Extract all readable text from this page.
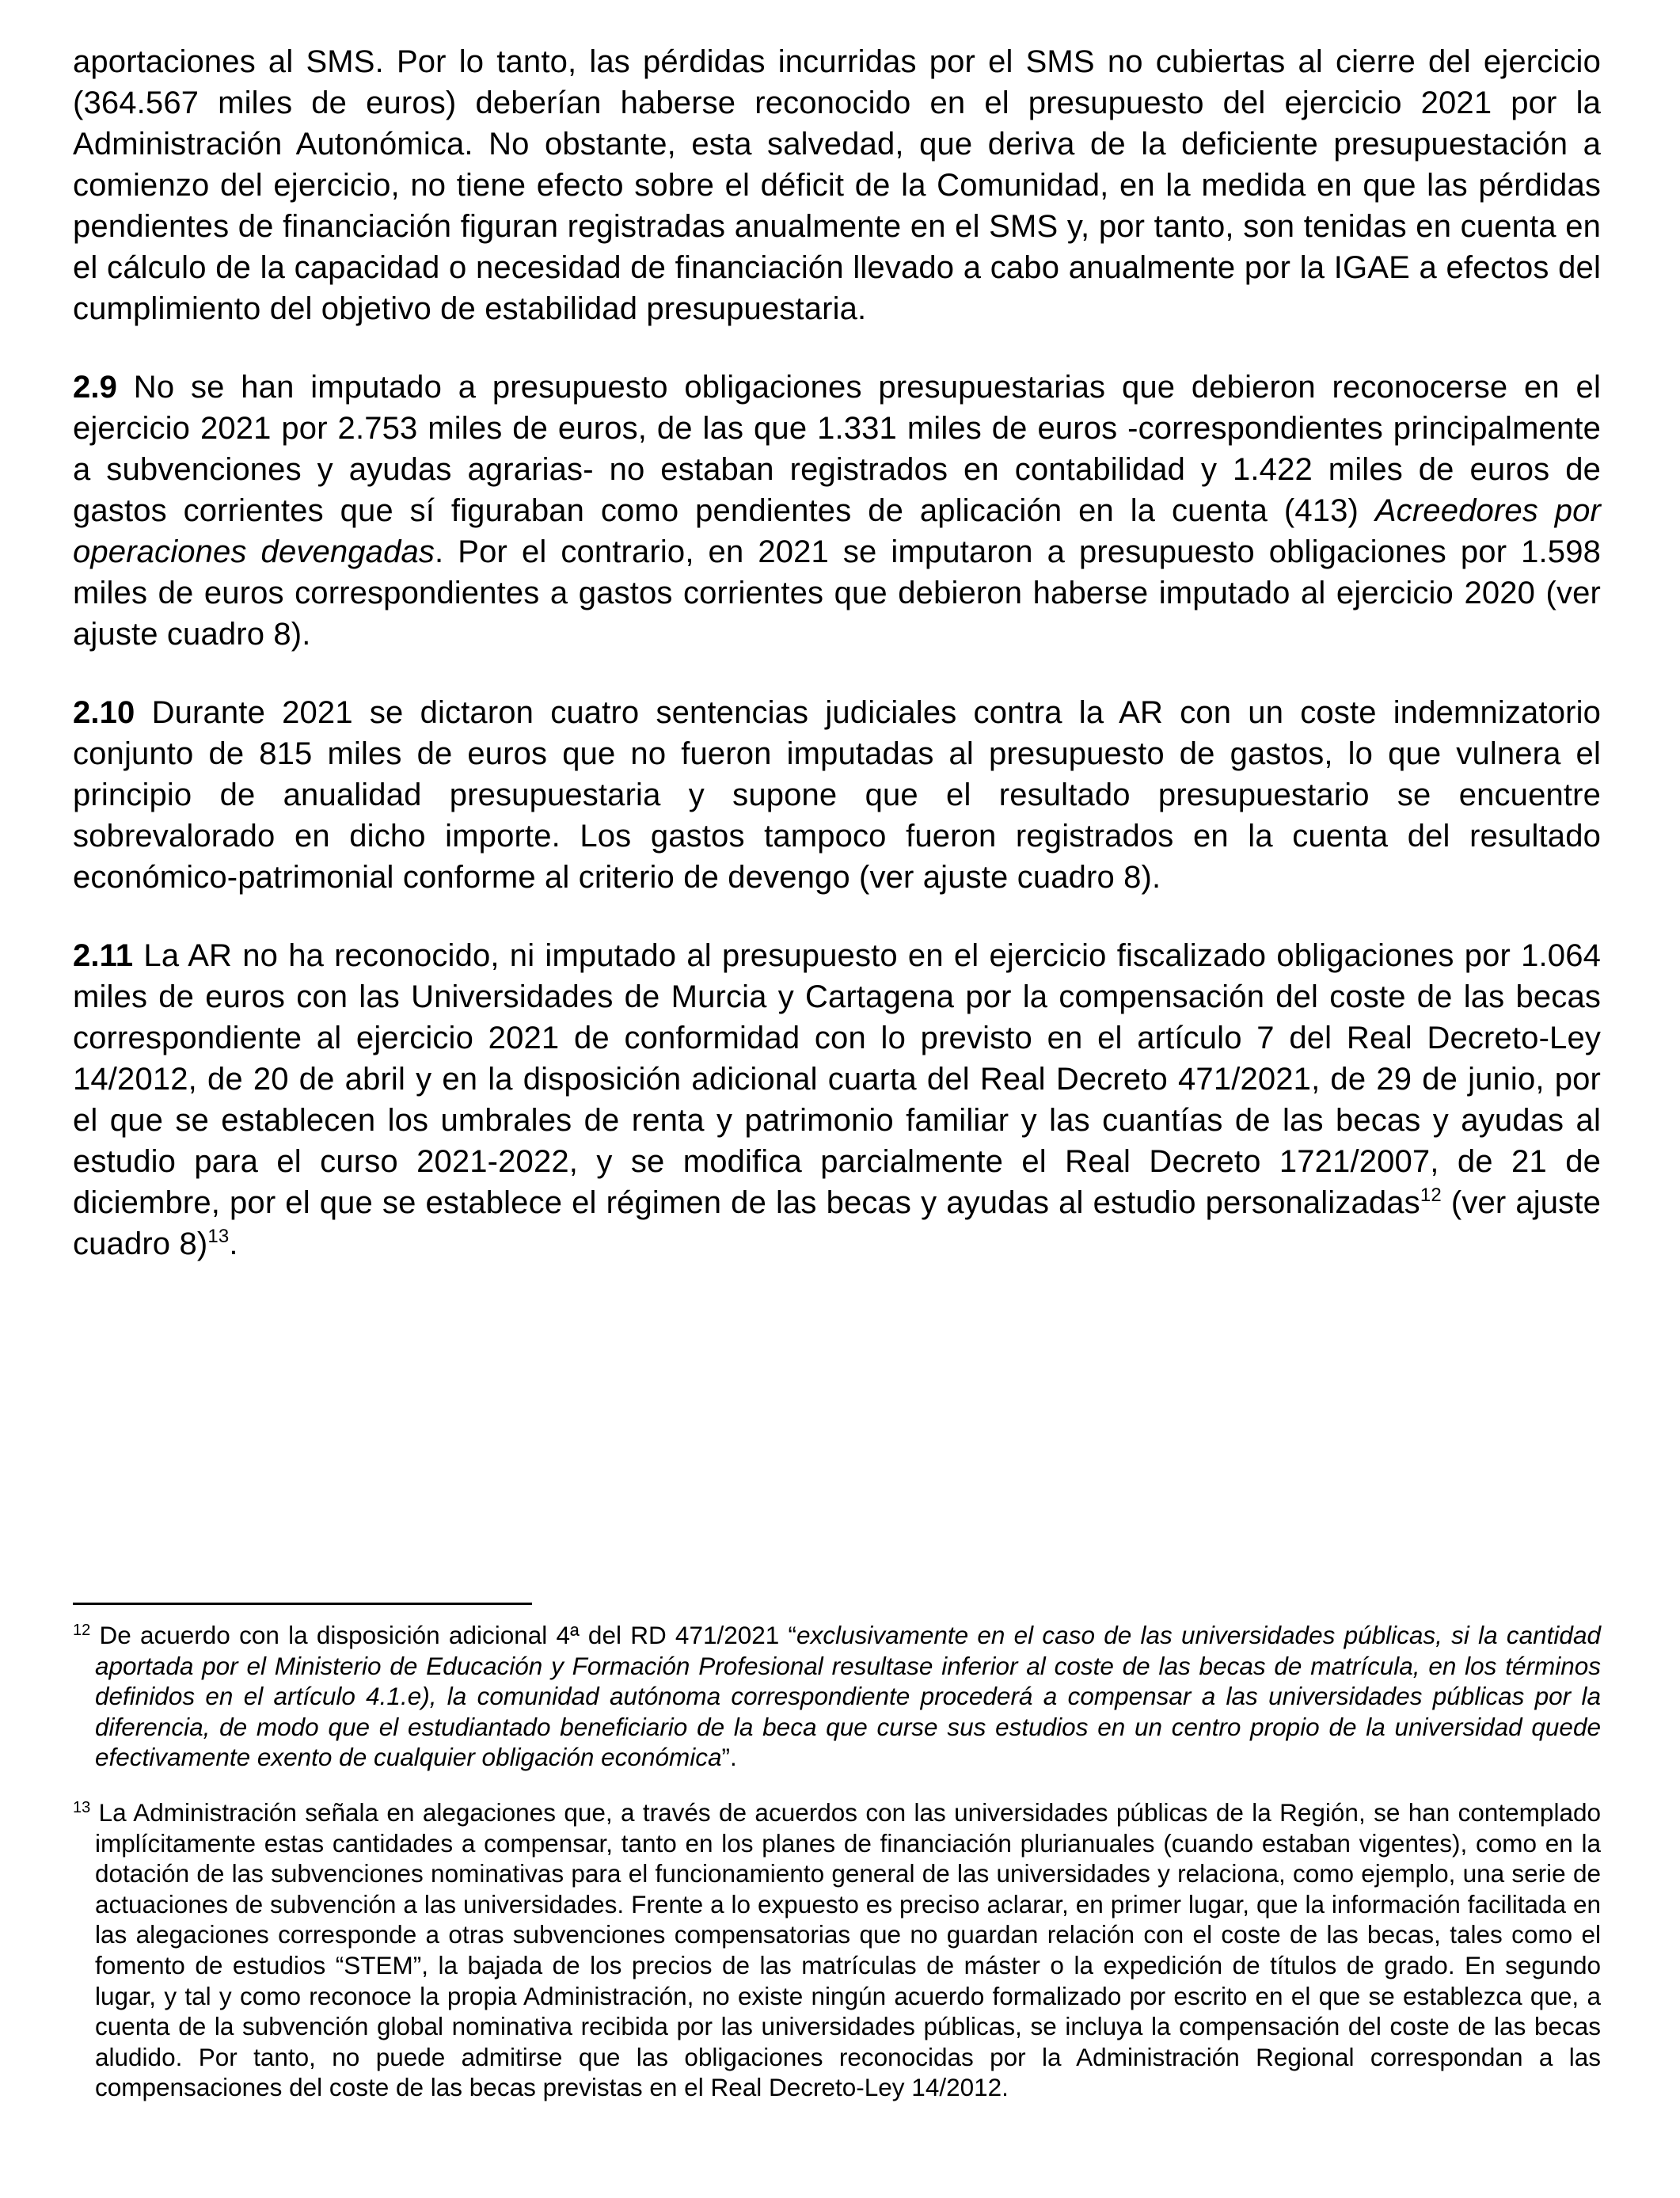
aportaciones al SMS. Por lo tanto, las pérdidas incurridas por el SMS no cubiertas al cierre del ejercicio (364.567 miles de euros) deberían haberse reconocido en el presupuesto del ejercicio 2021 por la Administración Autonómica. No obstante, esta salvedad, que deriva de la deficiente presupuestación a comienzo del ejercicio, no tiene efecto sobre el déficit de la Comunidad, en la medida en que las pérdidas pendientes de financiación figuran registradas anualmente en el SMS y, por tanto, son tenidas en cuenta en el cálculo de la capacidad o necesidad de financiación llevado a cabo anualmente por la IGAE a efectos del cumplimiento del objetivo de estabilidad presupuestaria.

2.9 No se han imputado a presupuesto obligaciones presupuestarias que debieron reconocerse en el ejercicio 2021 por 2.753 miles de euros, de las que 1.331 miles de euros -correspondientes principalmente a subvenciones y ayudas agrarias- no estaban registrados en contabilidad y 1.422 miles de euros de gastos corrientes que sí figuraban como pendientes de aplicación en la cuenta (413) Acreedores por operaciones devengadas. Por el contrario, en 2021 se imputaron a presupuesto obligaciones por 1.598 miles de euros correspondientes a gastos corrientes que debieron haberse imputado al ejercicio 2020 (ver ajuste cuadro 8).

2.10 Durante 2021 se dictaron cuatro sentencias judiciales contra la AR con un coste indemnizatorio conjunto de 815 miles de euros que no fueron imputadas al presupuesto de gastos, lo que vulnera el principio de anualidad presupuestaria y supone que el resultado presupuestario se encuentre sobrevalorado en dicho importe. Los gastos tampoco fueron registrados en la cuenta del resultado económico-patrimonial conforme al criterio de devengo (ver ajuste cuadro 8).

2.11 La AR no ha reconocido, ni imputado al presupuesto en el ejercicio fiscalizado obligaciones por 1.064 miles de euros con las Universidades de Murcia y Cartagena por la compensación del coste de las becas correspondiente al ejercicio 2021 de conformidad con lo previsto en el artículo 7 del Real Decreto-Ley 14/2012, de 20 de abril y en la disposición adicional cuarta del Real Decreto 471/2021, de 29 de junio, por el que se establecen los umbrales de renta y patrimonio familiar y las cuantías de las becas y ayudas al estudio para el curso 2021-2022, y se modifica parcialmente el Real Decreto 1721/2007, de 21 de diciembre, por el que se establece el régimen de las becas y ayudas al estudio personalizadas$^{12}$ (ver ajuste cuadro 8)$^{13}$.

$^{12}$ De acuerdo con la disposición adicional 4ª del RD 471/2021 “exclusivamente en el caso de las universidades públicas, si la cantidad aportada por el Ministerio de Educación y Formación Profesional resultase inferior al coste de las becas de matrícula, en los términos definidos en el artículo 4.1.e), la comunidad autónoma correspondiente procederá a compensar a las universidades públicas por la diferencia, de modo que el estudiantado beneficiario de la beca que curse sus estudios en un centro propio de la universidad quede efectivamente exento de cualquier obligación económica”.

$^{13}$ La Administración señala en alegaciones que, a través de acuerdos con las universidades públicas de la Región, se han contemplado implícitamente estas cantidades a compensar, tanto en los planes de financiación plurianuales (cuando estaban vigentes), como en la dotación de las subvenciones nominativas para el funcionamiento general de las universidades y relaciona, como ejemplo, una serie de actuaciones de subvención a las universidades. Frente a lo expuesto es preciso aclarar, en primer lugar, que la información facilitada en las alegaciones corresponde a otras subvenciones compensatorias que no guardan relación con el coste de las becas, tales como el fomento de estudios “STEM”, la bajada de los precios de las matrículas de máster o la expedición de títulos de grado. En segundo lugar, y tal y como reconoce la propia Administración, no existe ningún acuerdo formalizado por escrito en el que se establezca que, a cuenta de la subvención global nominativa recibida por las universidades públicas, se incluya la compensación del coste de las becas aludido. Por tanto, no puede admitirse que las obligaciones reconocidas por la Administración Regional correspondan a las compensaciones del coste de las becas previstas en el Real Decreto-Ley 14/2012.
